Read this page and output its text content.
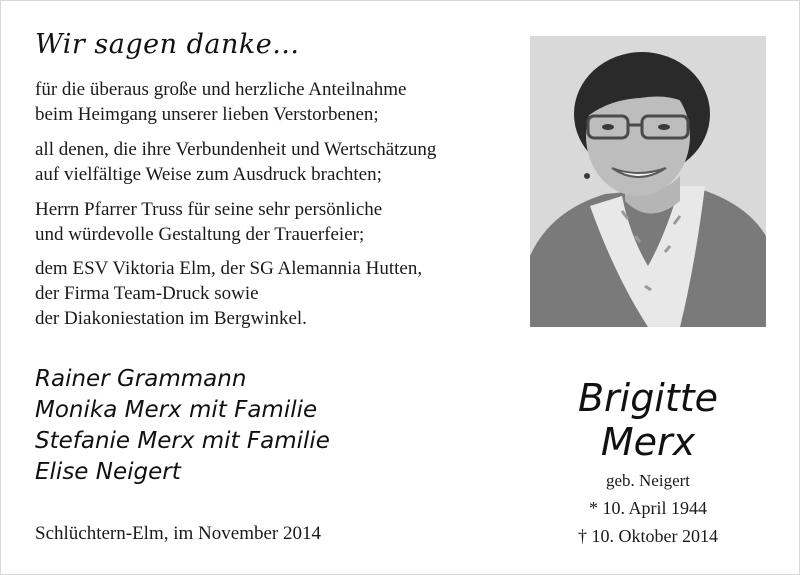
Wir sagen danke...
für die überaus große und herzliche Anteilnahme
beim Heimgang unserer lieben Verstorbenen;
all denen, die ihre Verbundenheit und Wertschätzung
auf vielfältige Weise zum Ausdruck brachten;
Herrn Pfarrer Truss für seine sehr persönliche
und würdevolle Gestaltung der Trauerfeier;
dem ESV Viktoria Elm, der SG Alemannia Hutten,
der Firma Team-Druck sowie
der Diakoniestation im Bergwinkel.
Rainer Grammann
Monika Merx mit Familie
Stefanie Merx mit Familie
Elise Neigert
Schlüchtern-Elm, im November 2014
Brigitte
Merx
geb. Neigert
* 10. April 1944
† 10. Oktober 2014
